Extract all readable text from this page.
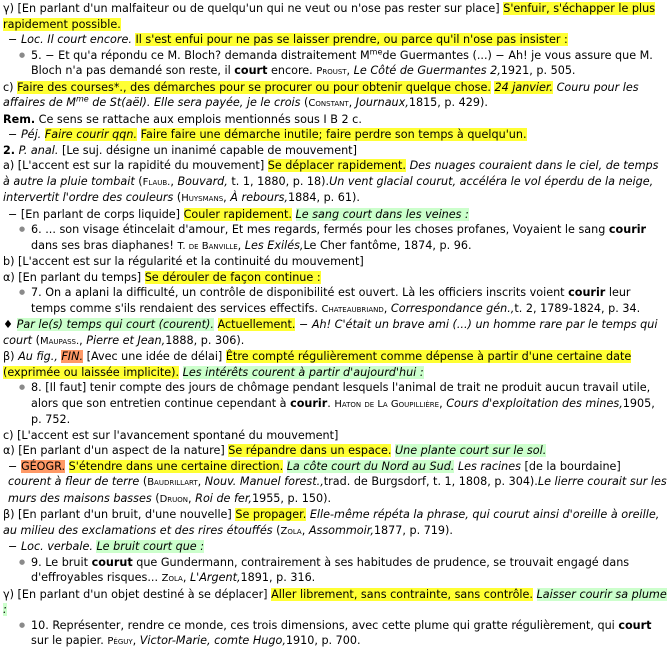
γ) [En parlant d'un malfaiteur ou de quelqu'un qui ne veut ou n'ose pas rester sur place] S'enfuir, s'échapper le plus rapidement possible.
− Loc. Il court encore. Il s'est enfui pour ne pas se laisser prendre, ou parce qu'il n'ose pas insister :
● 5. − Et qu'a répondu ce M. Bloch? demanda distraitement $M^{me}de$ Guermantes (...) − Ah! je vous assure que M. Bloch n'a pas demandé son reste, il court encore. Proust, Le Côté de Guermantes 2,1921, p. 505.
c) Faire des courses*., des démarches pour se procurer ou pour obtenir quelque chose. 24 janvier. Couru pour les affaires de $M^{me}$ de St(aël). Elle sera payée, je le crois (Constant, Journaux,1815, p. 429).
Rem. Ce sens se rattache aux emplois mentionnés sous I B 2 c.
− Péj. Faire courir qqn. Faire faire une démarche inutile; faire perdre son temps à quelqu'un.
2. P. anal. [Le suj. désigne un inanimé capable de mouvement]
a) [L'accent est sur la rapidité du mouvement] Se déplacer rapidement. Des nuages couraient dans le ciel, de temps à autre la pluie tombait (Flaub., Bouvard, t. 1, 1880, p. 18).Un vent glacial courut, accéléra le vol éperdu de la neige, intervertit l'ordre des couleurs (Huysmans, À rebours,1884, p. 61).
− [En parlant de corps liquide] Couler rapidement. Le sang court dans les veines :
● 6. ... son visage étincelait d'amour, Et mes regards, fermés pour les choses profanes, Voyaient le sang courir dans ses bras diaphanes! T. de Banville, Les Exilés,Le Cher fantôme, 1874, p. 96.
b) [L'accent est sur la régularité et la continuité du mouvement]
α) [En parlant du temps] Se dérouler de façon continue :
● 7. On a aplani la difficulté, un contrôle de disponibilité est ouvert. Là les officiers inscrits voient courir leur temps comme s'ils rendaient des services effectifs. Chateaubriand, Correspondance gén.,t. 2, 1789-1824, p. 34.
♦ Par le(s) temps qui court (courent). Actuellement. − Ah! C'était un brave ami (...) un homme rare par le temps qui court (Maupass., Pierre et Jean,1888, p. 306).
β) Au fig., FIN. [Avec une idée de délai] Être compté régulièrement comme dépense à partir d'une certaine date (exprimée ou laissée implicite). Les intérêts courent à partir d'aujourd'hui :
● 8. [Il faut] tenir compte des jours de chômage pendant lesquels l'animal de trait ne produit aucun travail utile, alors que son entretien continue cependant à courir. Haton de La Goupillière, Cours d'exploitation des mines,1905, p. 752.
c) [L'accent est sur l'avancement spontané du mouvement]
α) [En parlant d'un aspect de la nature] Se répandre dans un espace. Une plante court sur le sol.
− GÉOGR. S'étendre dans une certaine direction. La côte court du Nord au Sud. Les racines [de la bourdaine] courent à fleur de terre (Baudrillart, Nouv. Manuel forest.,trad. de Burgsdorf, t. 1, 1808, p. 304).Le lierre courait sur les murs des maisons basses (Druon, Roi de fer,1955, p. 150).
β) [En parlant d'un bruit, d'une nouvelle] Se propager. Elle-même répéta la phrase, qui courut ainsi d'oreille à oreille, au milieu des exclamations et des rires étouffés (Zola, Assommoir,1877, p. 719).
− Loc. verbale. Le bruit court que :
● 9. Le bruit courut que Gundermann, contrairement à ses habitudes de prudence, se trouvait engagé dans d'effroyables risques... Zola, L'Argent,1891, p. 316.
γ) [En parlant d'un objet destiné à se déplacer] Aller librement, sans contrainte, sans contrôle. Laisser courir sa plume :
● 10. Représenter, rendre ce monde, ces trois dimensions, avec cette plume qui gratte régulièrement, qui court sur le papier. Péguy, Victor-Marie, comte Hugo,1910, p. 700.
